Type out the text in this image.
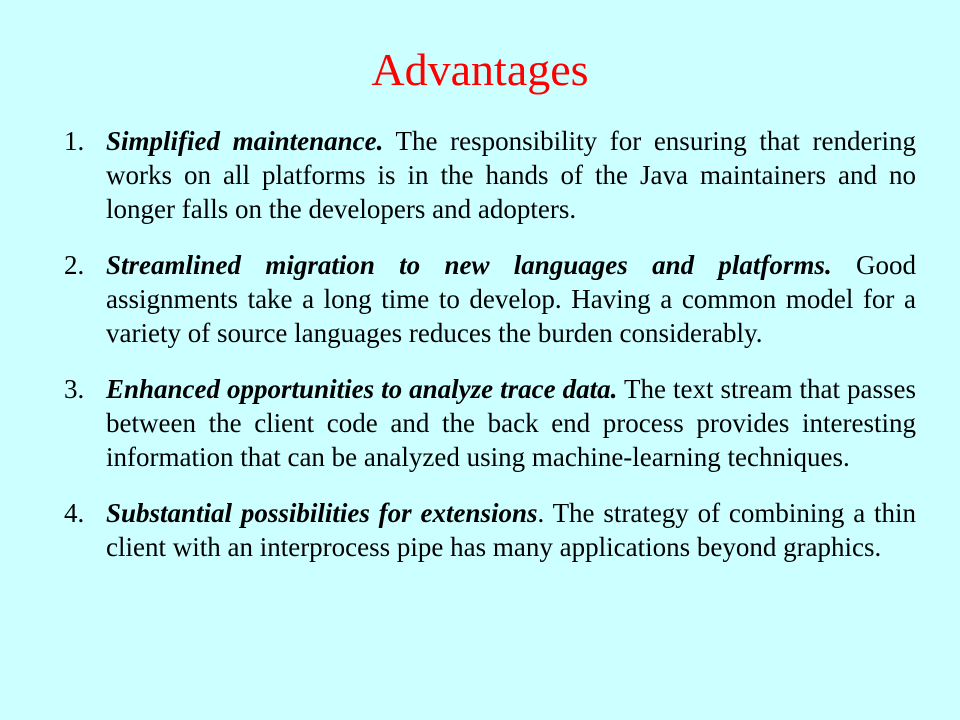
Advantages
1. Simplified maintenance. The responsibility for ensuring that rendering works on all platforms is in the hands of the Java maintainers and no longer falls on the developers and adopters.
2. Streamlined migration to new languages and platforms. Good assignments take a long time to develop. Having a common model for a variety of source languages reduces the burden considerably.
3. Enhanced opportunities to analyze trace data. The text stream that passes between the client code and the back end process provides interesting information that can be analyzed using machine-learning techniques.
4. Substantial possibilities for extensions. The strategy of combining a thin client with an interprocess pipe has many applications beyond graphics.
